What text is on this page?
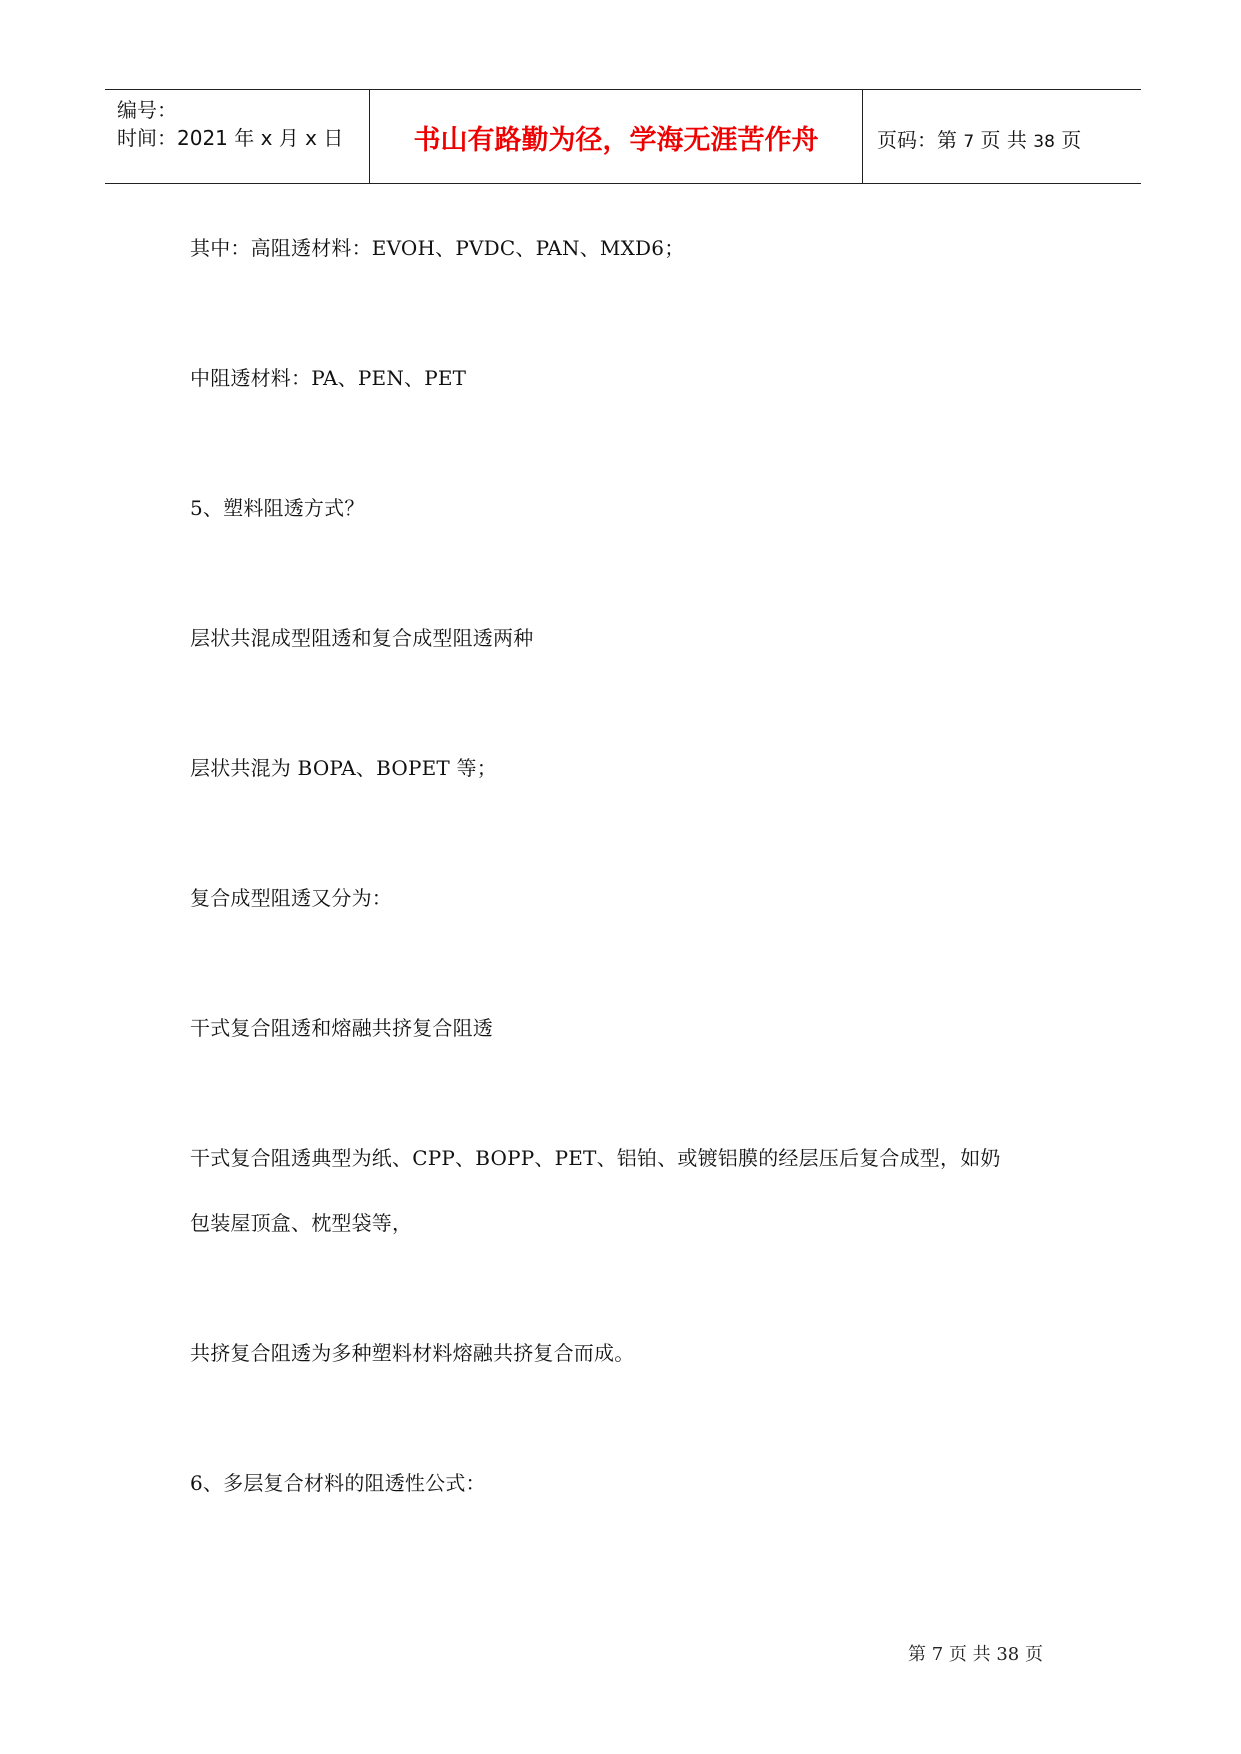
编号：
时间：2021 年 x 月 x 日	书山有路勤为径，学海无涯苦作舟	页码：第 7 页 共 38 页
其中：高阻透材料：EVOH、PVDC、PAN、MXD6；
中阻透材料：PA、PEN、PET
5、塑料阻透方式？
层状共混成型阻透和复合成型阻透两种
层状共混为 BOPA、BOPET 等；
复合成型阻透又分为：
干式复合阻透和熔融共挤复合阻透
干式复合阻透典型为纸、CPP、BOPP、PET、铝铂、或镀铝膜的经层压后复合成型，如奶
包装屋顶盒、枕型袋等，
共挤复合阻透为多种塑料材料熔融共挤复合而成。
6、多层复合材料的阻透性公式：
第 7 页 共 38 页
